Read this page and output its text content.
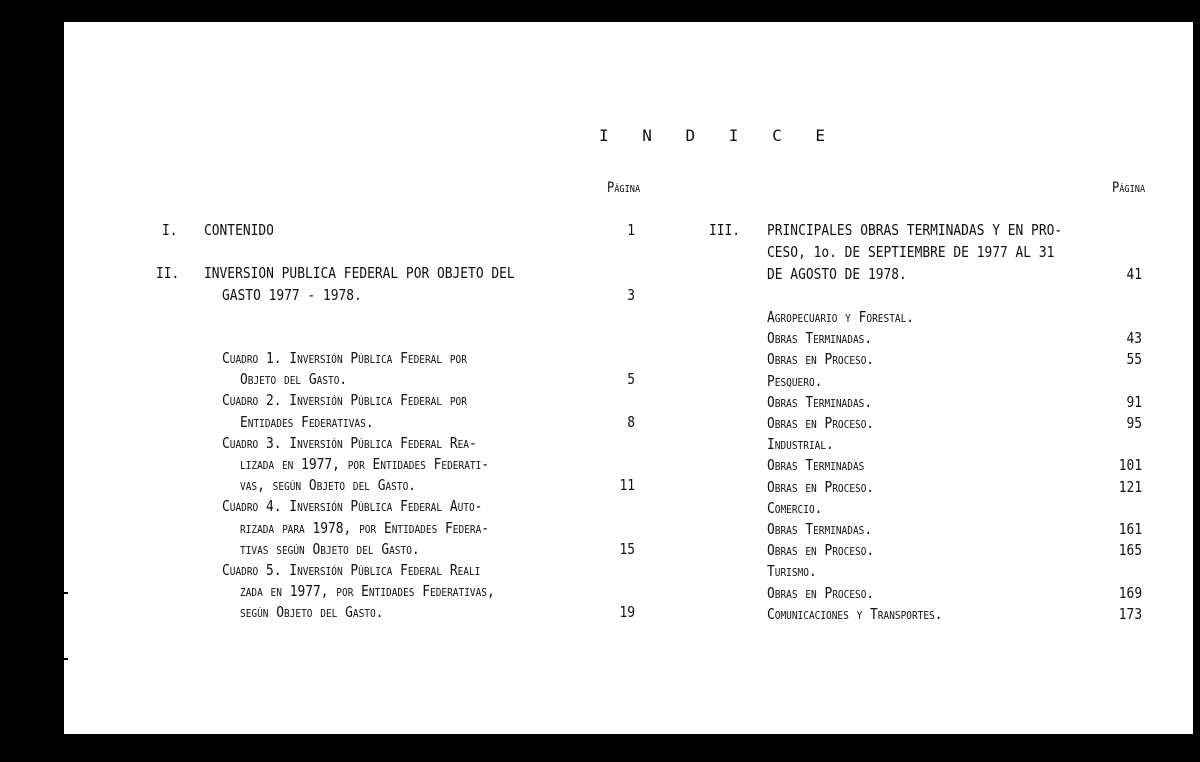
I N D I C E
Página	Página
I. CONTENIDO	1
II. INVERSION PUBLICA FEDERAL POR OBJETO DEL
GASTO 1977 - 1978.	3
Cuadro 1. Inversión Pública Federal por
Objeto del Gasto.	5
Cuadro 2. Inversión Pública Federal por
Entidades Federativas.	8
Cuadro 3. Inversión Pública Federal Rea-
lizada en 1977, por Entidades Federati-
vas, según Objeto del Gasto.	11
Cuadro 4. Inversión Pública Federal Auto-
rizada para 1978, por Entidades Federa-
tivas según Objeto del Gasto.	15
Cuadro 5. Inversión Pública Federal Reali
zada en 1977, por Entidades Federativas,
según Objeto del Gasto.	19
III. PRINCIPALES OBRAS TERMINADAS Y EN PRO-
CESO, 1o. DE SEPTIEMBRE DE 1977 AL 31
DE AGOSTO DE 1978.	41
Agropecuario y Forestal.
Obras Terminadas.	43
Obras en Proceso.	55
Pesquero.
Obras Terminadas.	91
Obras en Proceso.	95
Industrial.
Obras Terminadas	101
Obras en Proceso.	121
Comercio.
Obras Terminadas.	161
Obras en Proceso.	165
Turismo.
Obras en Proceso.	169
Comunicaciones y Transportes.	173
